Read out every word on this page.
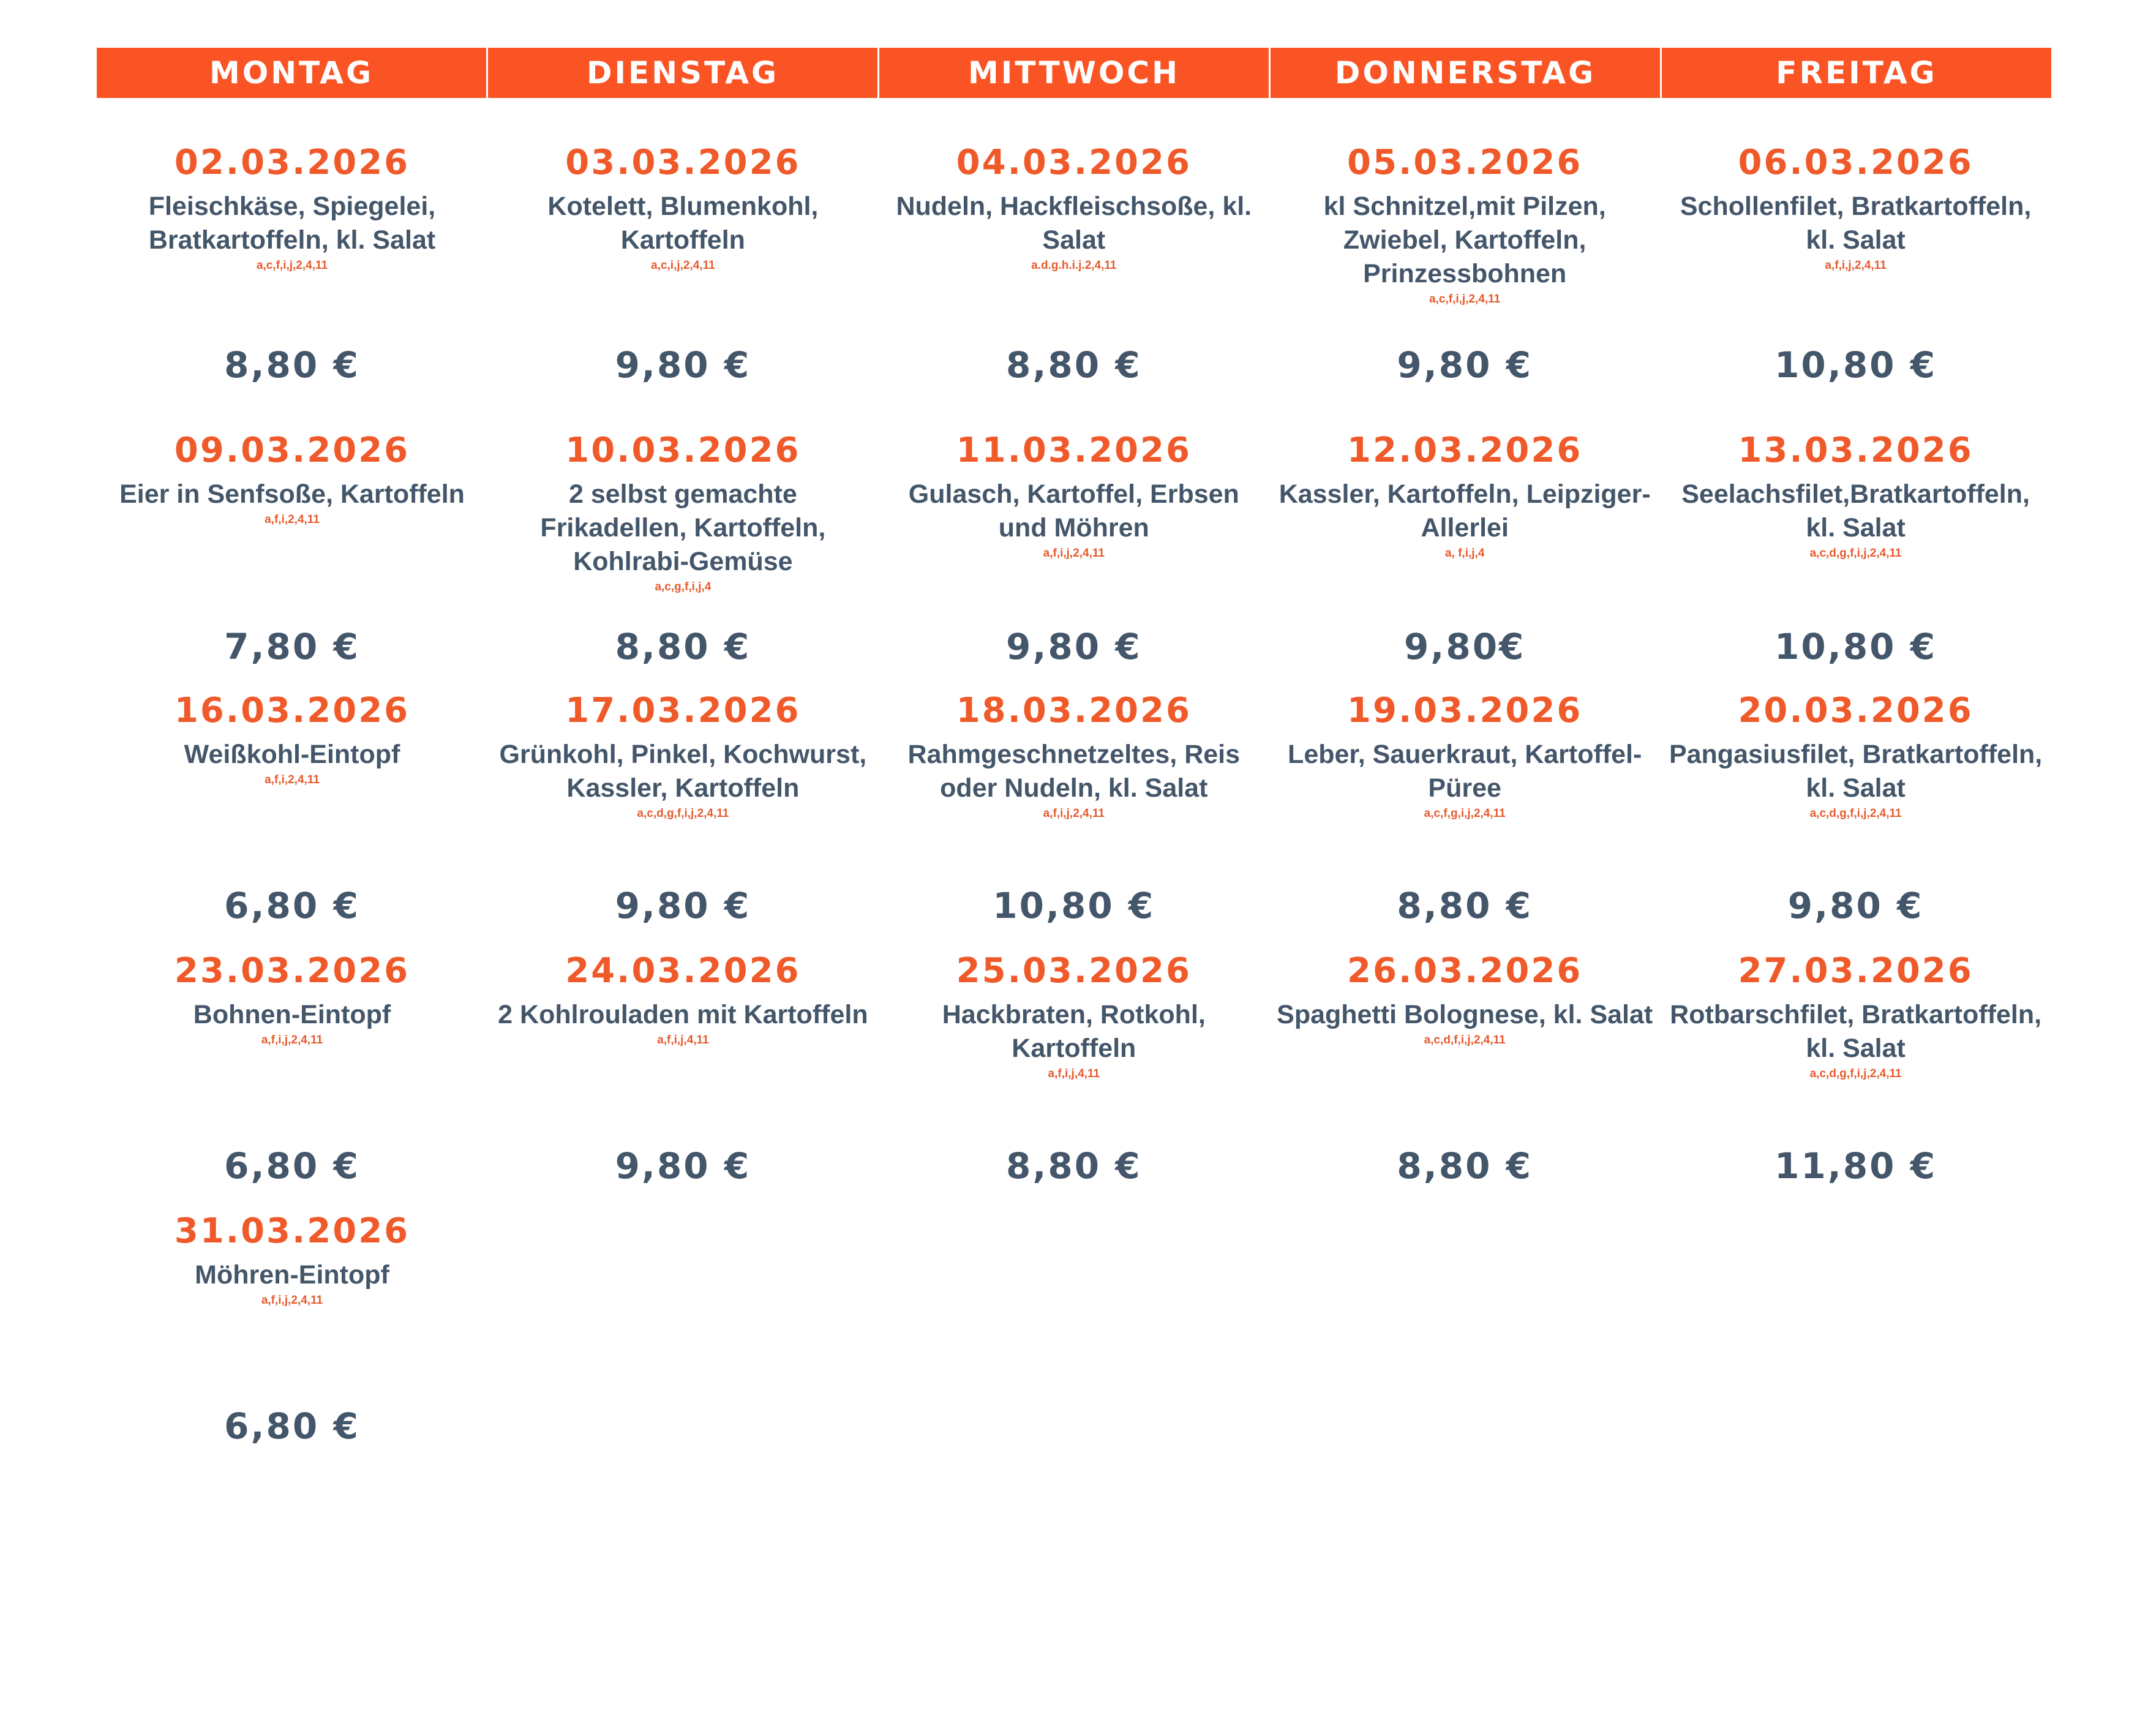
MONTAG	DIENSTAG	MITTWOCH	DONNERSTAG	FREITAG
02.03.2026
Fleischkäse, Spiegelei, Bratkartoffeln, kl. Salat
a,c,f,i,j,2,4,11
8,80 €
03.03.2026
Kotelett, Blumenkohl, Kartoffeln
a,c,i,j,2,4,11
9,80 €
04.03.2026
Nudeln, Hackfleischsoße, kl. Salat
a.d.g.h.i.j.2,4,11
8,80 €
05.03.2026
kl Schnitzel,mit Pilzen, Zwiebel, Kartoffeln, Prinzessbohnen
a,c,f,i,j,2,4,11
9,80 €
06.03.2026
Schollenfilet, Bratkartoffeln, kl. Salat
a,f,i,j,2,4,11
10,80 €
09.03.2026
Eier in Senfsoße, Kartoffeln
a,f,i,2,4,11
7,80 €
10.03.2026
2 selbst gemachte Frikadellen, Kartoffeln, Kohlrabi-Gemüse
a,c,g,f,i,j,4
8,80 €
11.03.2026
Gulasch, Kartoffel, Erbsen und Möhren
a,f,i,j,2,4,11
9,80 €
12.03.2026
Kassler, Kartoffeln, Leipziger-Allerlei
a, f,i,j,4
9,80€
13.03.2026
Seelachsfilet,Bratkartoffeln, kl. Salat
a,c,d,g,f,i,j,2,4,11
10,80 €
16.03.2026
Weißkohl-Eintopf
a,f,i,2,4,11
6,80 €
17.03.2026
Grünkohl, Pinkel, Kochwurst, Kassler, Kartoffeln
a,c,d,g,f,i,j,2,4,11
9,80 €
18.03.2026
Rahmgeschnetzeltes, Reis oder Nudeln, kl. Salat
a,f,i,j,2,4,11
10,80 €
19.03.2026
Leber, Sauerkraut, Kartoffel-Püree
a,c,f,g,i,j,2,4,11
8,80 €
20.03.2026
Pangasiusfilet, Bratkartoffeln, kl. Salat
a,c,d,g,f,i,j,2,4,11
9,80 €
23.03.2026
Bohnen-Eintopf
a,f,i,j,2,4,11
6,80 €
24.03.2026
2 Kohlrouladen mit Kartoffeln
a,f,i,j,4,11
9,80 €
25.03.2026
Hackbraten, Rotkohl, Kartoffeln
a,f,i,j,4,11
8,80 €
26.03.2026
Spaghetti Bolognese, kl. Salat
a,c,d,f,i,j,2,4,11
8,80 €
27.03.2026
Rotbarschfilet, Bratkartoffeln, kl. Salat
a,c,d,g,f,i,j,2,4,11
11,80 €
31.03.2026
Möhren-Eintopf
a,f,i,j,2,4,11
6,80 €
